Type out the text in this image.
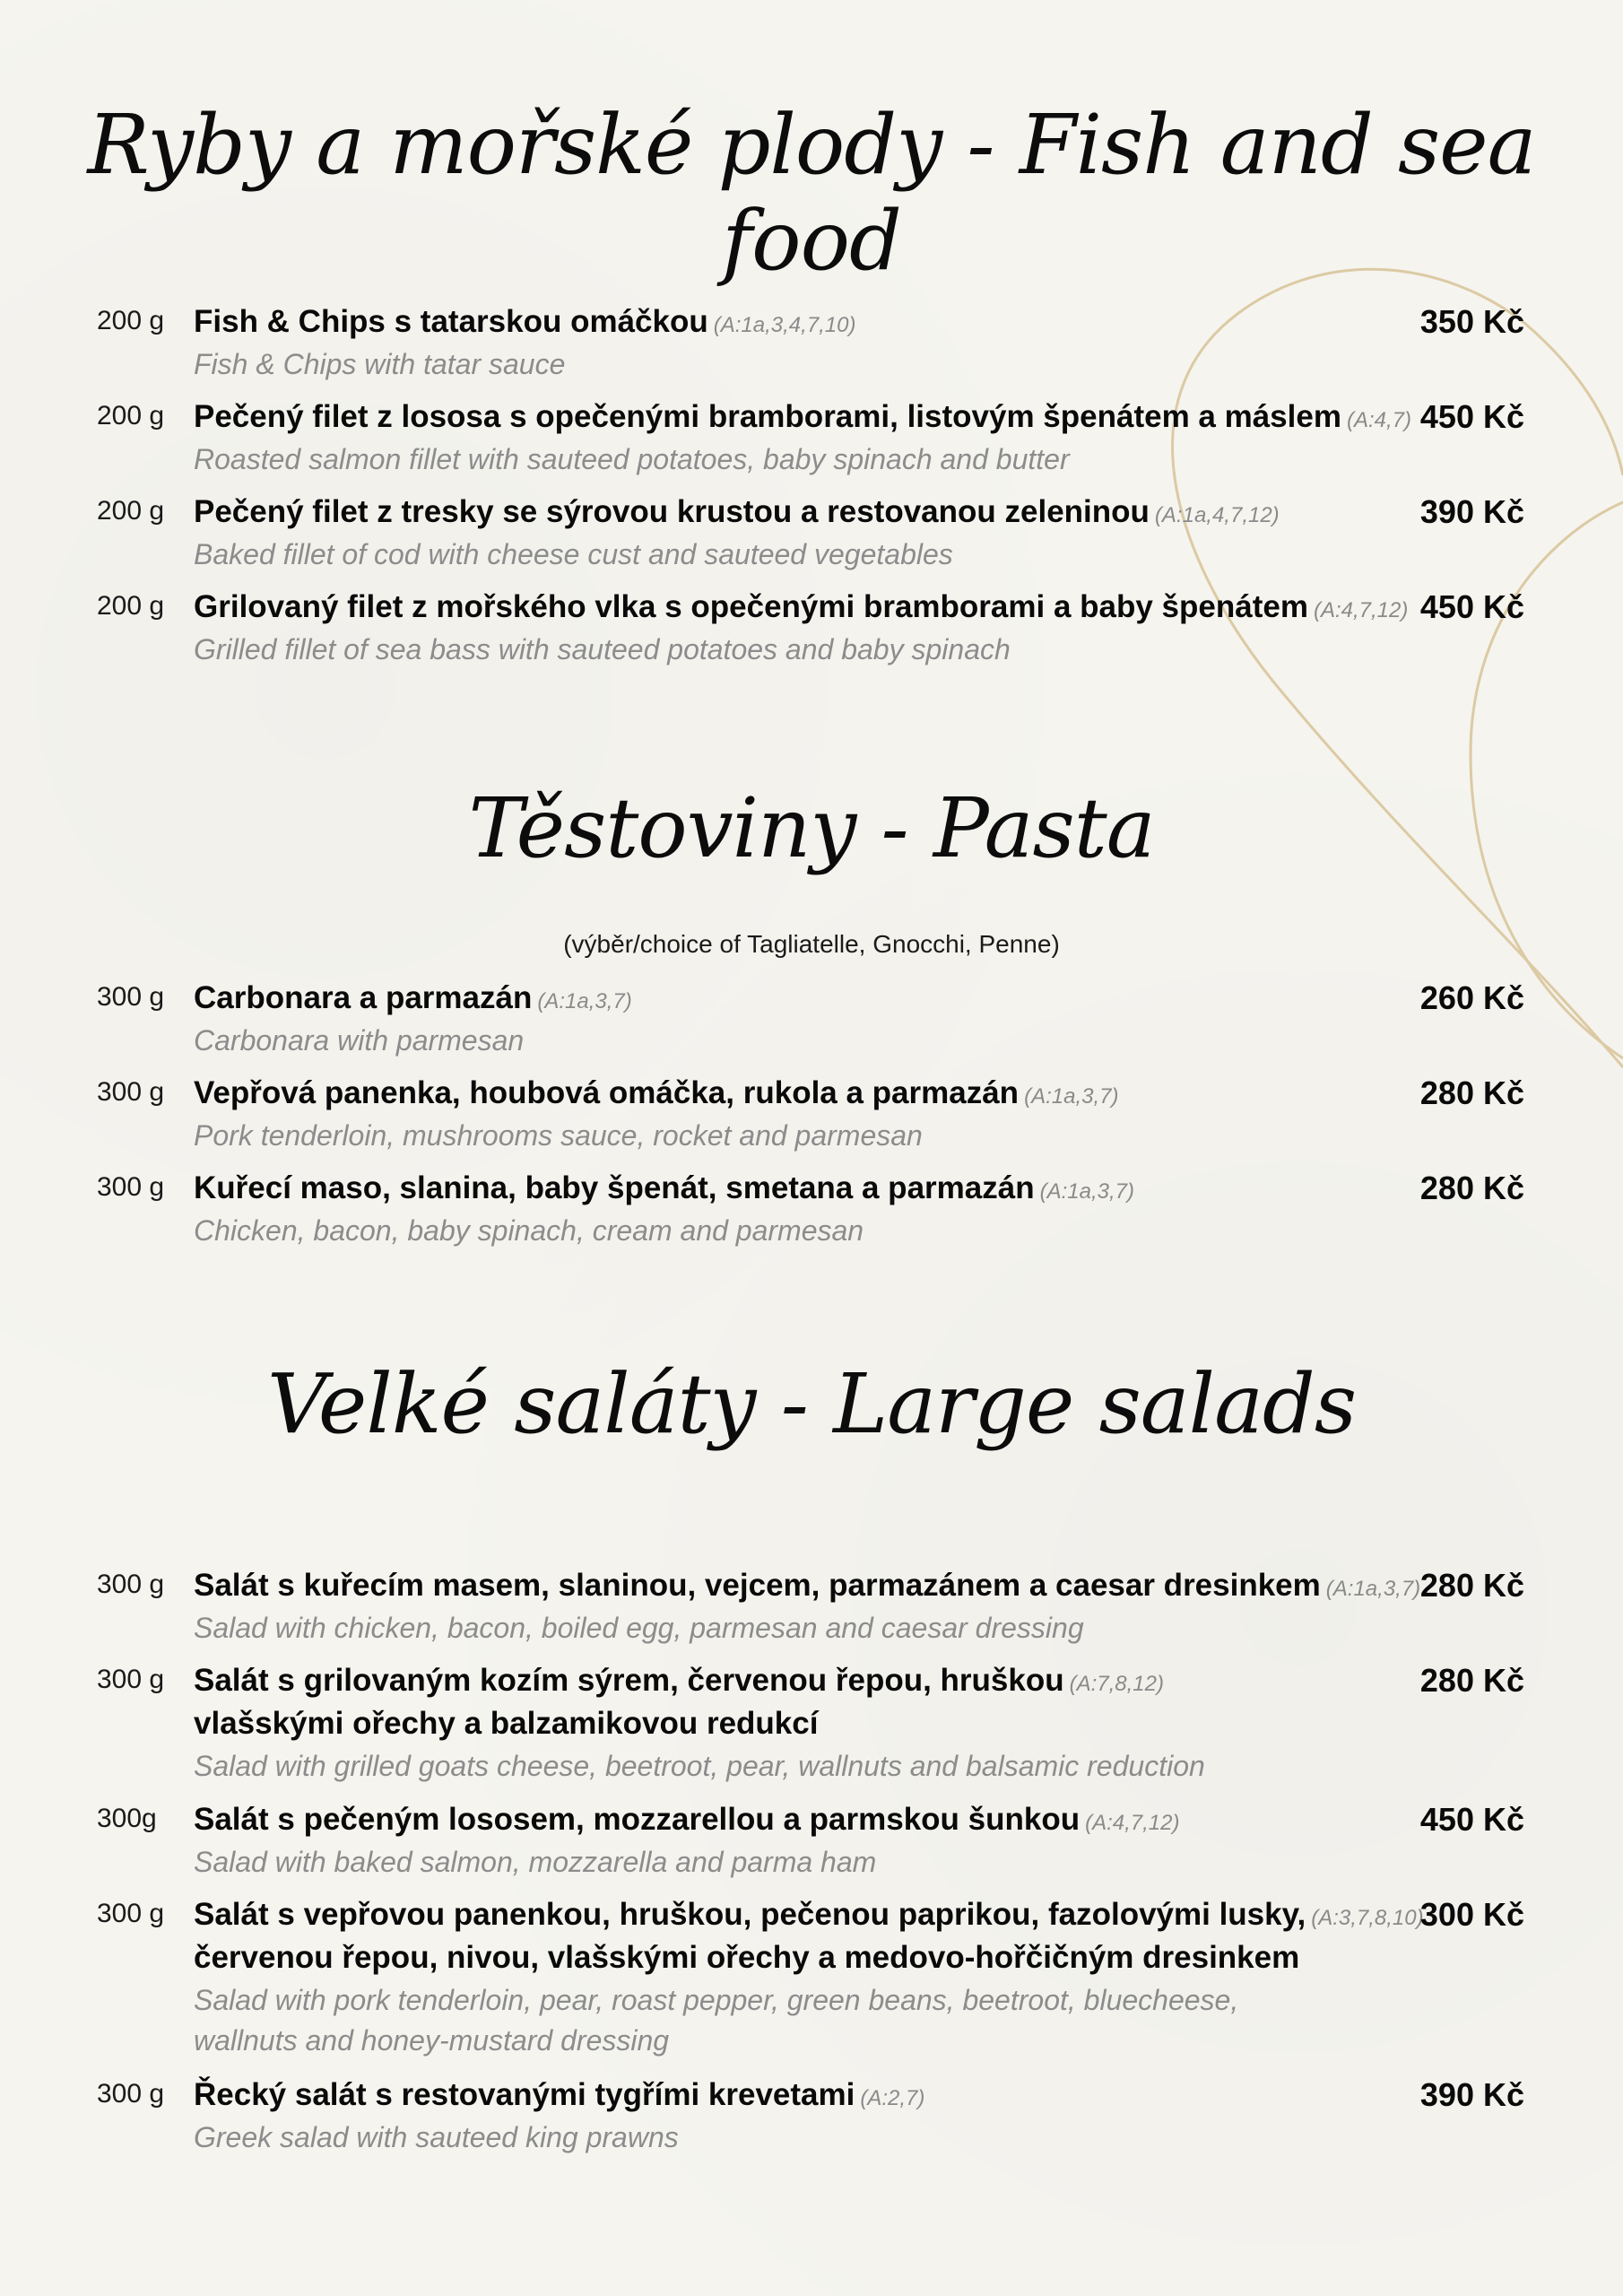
Ryby a mořské plody - Fish and sea food
200 g Fish & Chips s tatarskou omáčkou (A:1a,3,4,7,10)
Fish & Chips with tatar sauce
350 Kč
200 g Pečený filet z lososa s opečenými bramborami, listovým špenátem a máslem (A:4,7)
Roasted salmon fillet with sauteed potatoes, baby spinach and butter
450 Kč
200 g Pečený filet z tresky se sýrovou krustou a restovanou zeleninou (A:1a,4,7,12)
Baked fillet of cod with cheese cust and sauteed vegetables
390 Kč
200 g Grilovaný filet z mořského vlka s opečenými bramborami a baby špenátem (A:4,7,12)
Grilled fillet of sea bass with sauteed potatoes and baby spinach
450 Kč
Těstoviny - Pasta
(výběr/choice of Tagliatelle, Gnocchi, Penne)
300 g Carbonara a parmazán (A:1a,3,7)
Carbonara with parmesan
260 Kč
300 g Vepřová panenka, houbová omáčka, rukola a parmazán (A:1a,3,7)
Pork tenderloin, mushrooms sauce, rocket and parmesan
280 Kč
300 g Kuřecí maso, slanina, baby špenát, smetana a parmazán (A:1a,3,7)
Chicken, bacon, baby spinach, cream and parmesan
280 Kč
Velké saláty - Large salads
300 g Salát s kuřecím masem, slaninou, vejcem, parmazánem a caesar dresinkem (A:1a,3,7)
Salad with chicken, bacon, boiled egg, parmesan and caesar dressing
280 Kč
300 g Salát s grilovaným kozím sýrem, červenou řepou, hruškou (A:7,8,12)
vlašskými ořechy a balzamikovou redukcí
Salad with grilled goats cheese, beetroot, pear, wallnuts and balsamic reduction
280 Kč
300g Salát s pečeným lososem, mozzarellou a parmskou šunkou (A:4,7,12)
Salad with baked salmon, mozzarella and parma ham
450 Kč
300 g Salát s vepřovou panenkou, hruškou, pečenou paprikou, fazolovými lusky, (A:3,7,8,10)
červenou řepou, nivou, vlašskými ořechy a medovo-hořčičným dresinkem
Salad with pork tenderloin, pear, roast pepper, green beans, beetroot, bluecheese,
wallnuts and honey-mustard dressing
300 Kč
300 g Řecký salát s restovanými tygřími krevetami (A:2,7)
Greek salad with sauteed king prawns
390 Kč
